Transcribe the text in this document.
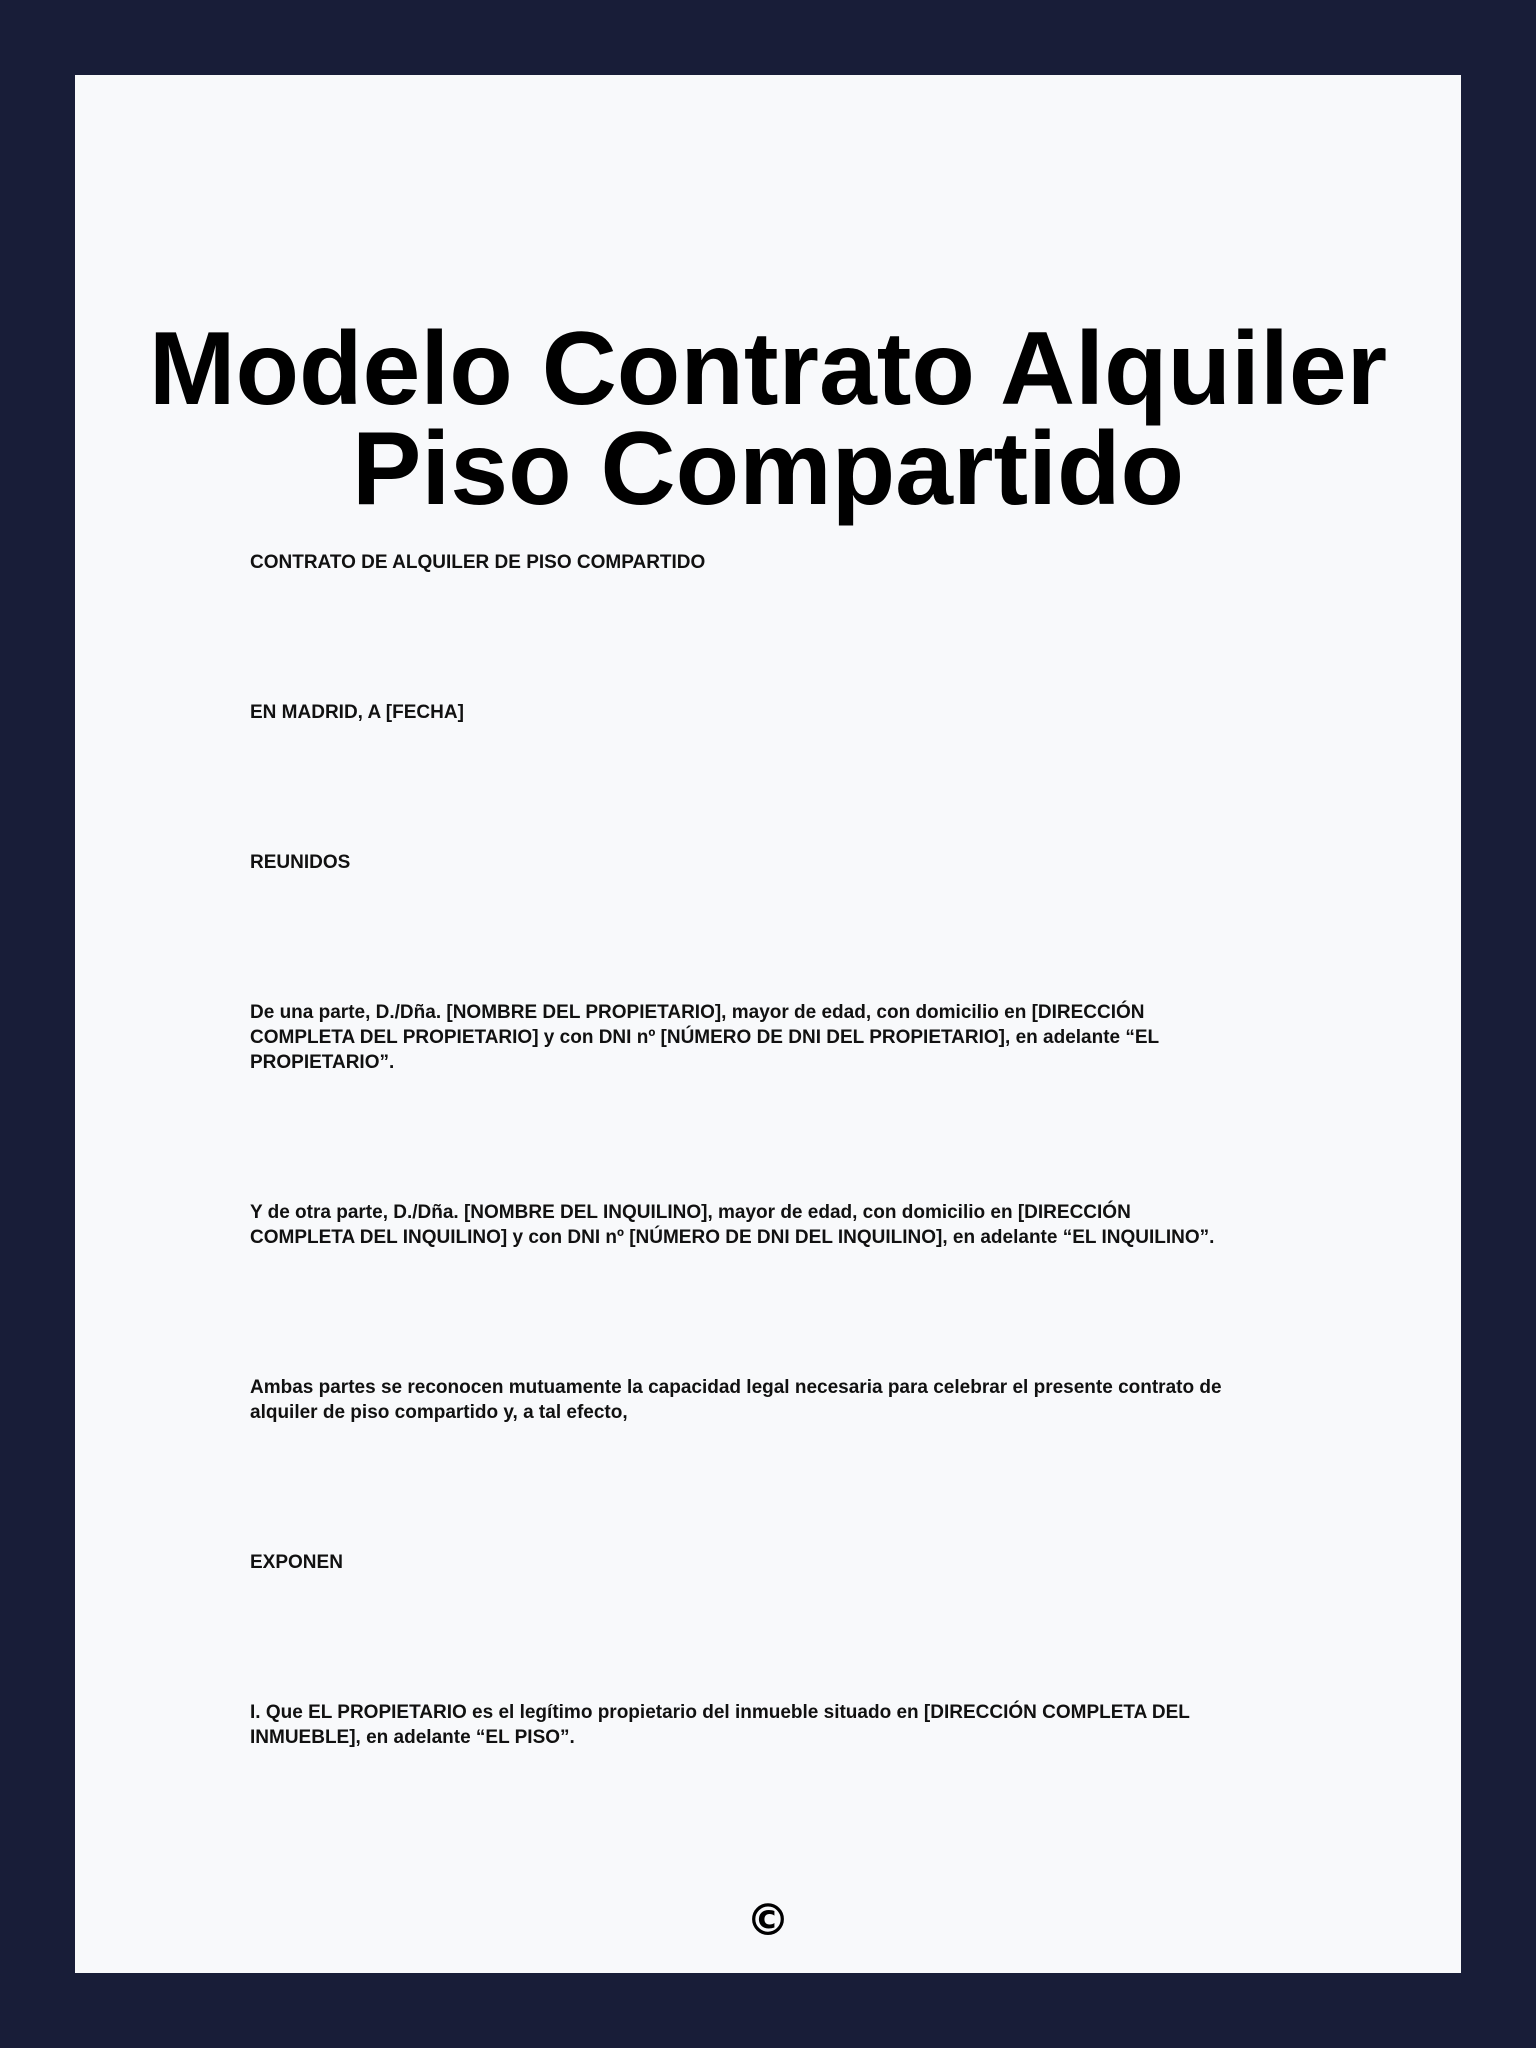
Modelo Contrato Alquiler
Piso Compartido

CONTRATO DE ALQUILER DE PISO COMPARTIDO

EN MADRID, A [FECHA]

REUNIDOS

De una parte, D./Dña. [NOMBRE DEL PROPIETARIO], mayor de edad, con domicilio en [DIRECCIÓN
COMPLETA DEL PROPIETARIO] y con DNI nº [NÚMERO DE DNI DEL PROPIETARIO], en adelante “EL
PROPIETARIO”.

Y de otra parte, D./Dña. [NOMBRE DEL INQUILINO], mayor de edad, con domicilio en [DIRECCIÓN
COMPLETA DEL INQUILINO] y con DNI nº [NÚMERO DE DNI DEL INQUILINO], en adelante “EL INQUILINO”.

Ambas partes se reconocen mutuamente la capacidad legal necesaria para celebrar el presente contrato de
alquiler de piso compartido y, a tal efecto,

EXPONEN

I. Que EL PROPIETARIO es el legítimo propietario del inmueble situado en [DIRECCIÓN COMPLETA DEL
INMUEBLE], en adelante “EL PISO”.

©
